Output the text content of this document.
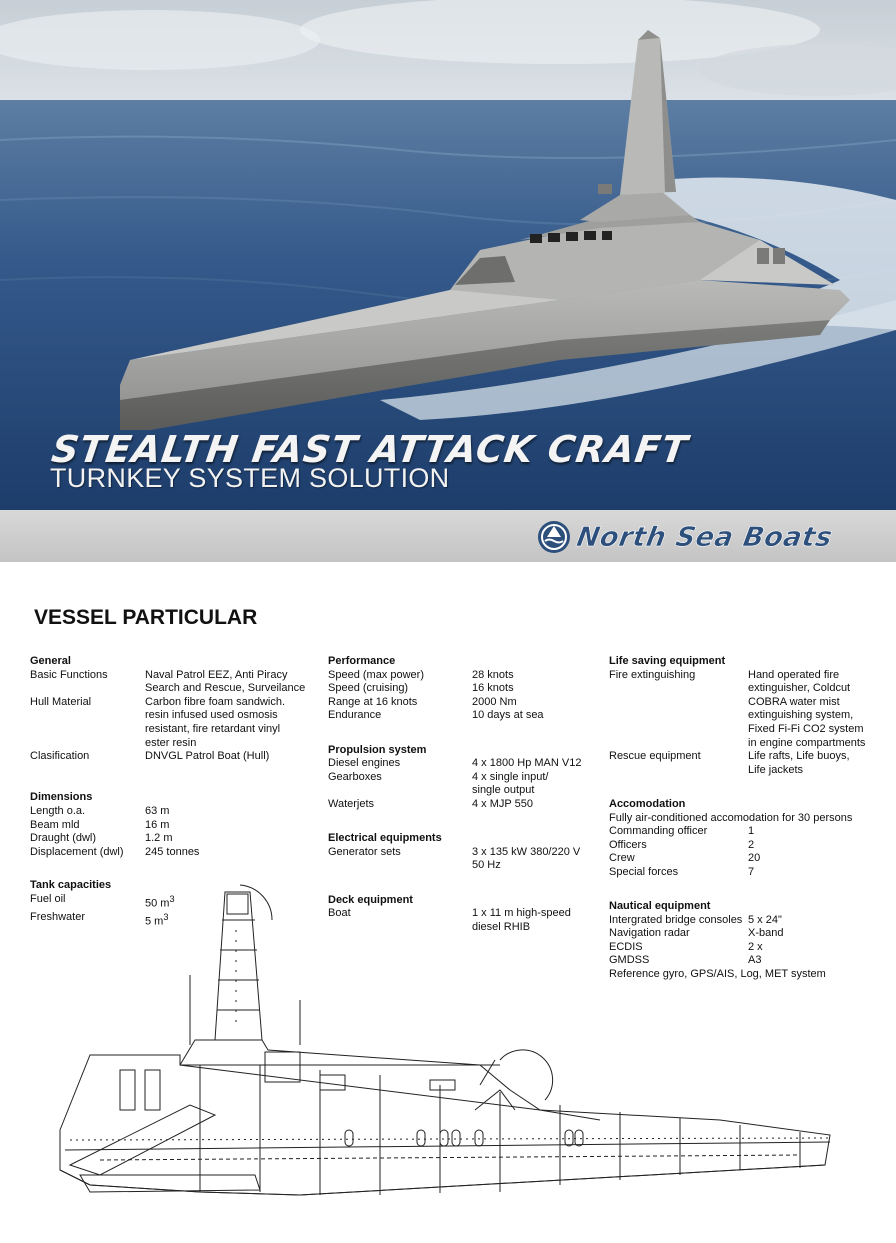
STEALTH FAST ATTACK CRAFT
TURNKEY SYSTEM SOLUTION
North Sea Boats
VESSEL PARTICULAR
General
Basic Functions	Naval Patrol EEZ, Anti Piracy
Search and Rescue, Surveilance
Hull Material	Carbon fibre foam sandwich.
resin infused used osmosis
resistant, fire retardant vinyl
ester resin
Clasification	DNVGL Patrol Boat (Hull)
Dimensions
Length o.a.	63 m
Beam mld	16 m
Draught (dwl)	1.2 m
Displacement (dwl)	245 tonnes
Tank capacities
Fuel oil	50 $m^3$
Freshwater	5 $m^3$
Performance
Speed (max power)	28 knots
Speed (cruising)	16 knots
Range at 16 knots	2000 Nm
Endurance	10 days at sea
Propulsion system
Diesel engines	4 x 1800 Hp MAN V12
Gearboxes	4 x single input/
single output
Waterjets	4 x MJP 550
Electrical equipments
Generator sets	3 x 135 kW 380/220 V
50 Hz
Deck equipment
Boat	1 x 11 m high-speed
diesel RHIB
Life saving equipment
Fire extinguishing	Hand operated fire
extinguisher, Coldcut
COBRA water mist
extinguishing system,
Fixed Fi-Fi CO2 system
in engine compartments
Rescue equipment	Life rafts, Life buoys,
Life jackets
Accomodation
Fully air-conditioned accomodation for 30 persons
Commanding officer	1
Officers	2
Crew	20
Special forces	7
Nautical equipment
Intergrated bridge consoles 5 x 24"
Navigation radar	X-band
ECDIS	2 x
GMDSS	A3
Reference gyro, GPS/AIS, Log, MET system
